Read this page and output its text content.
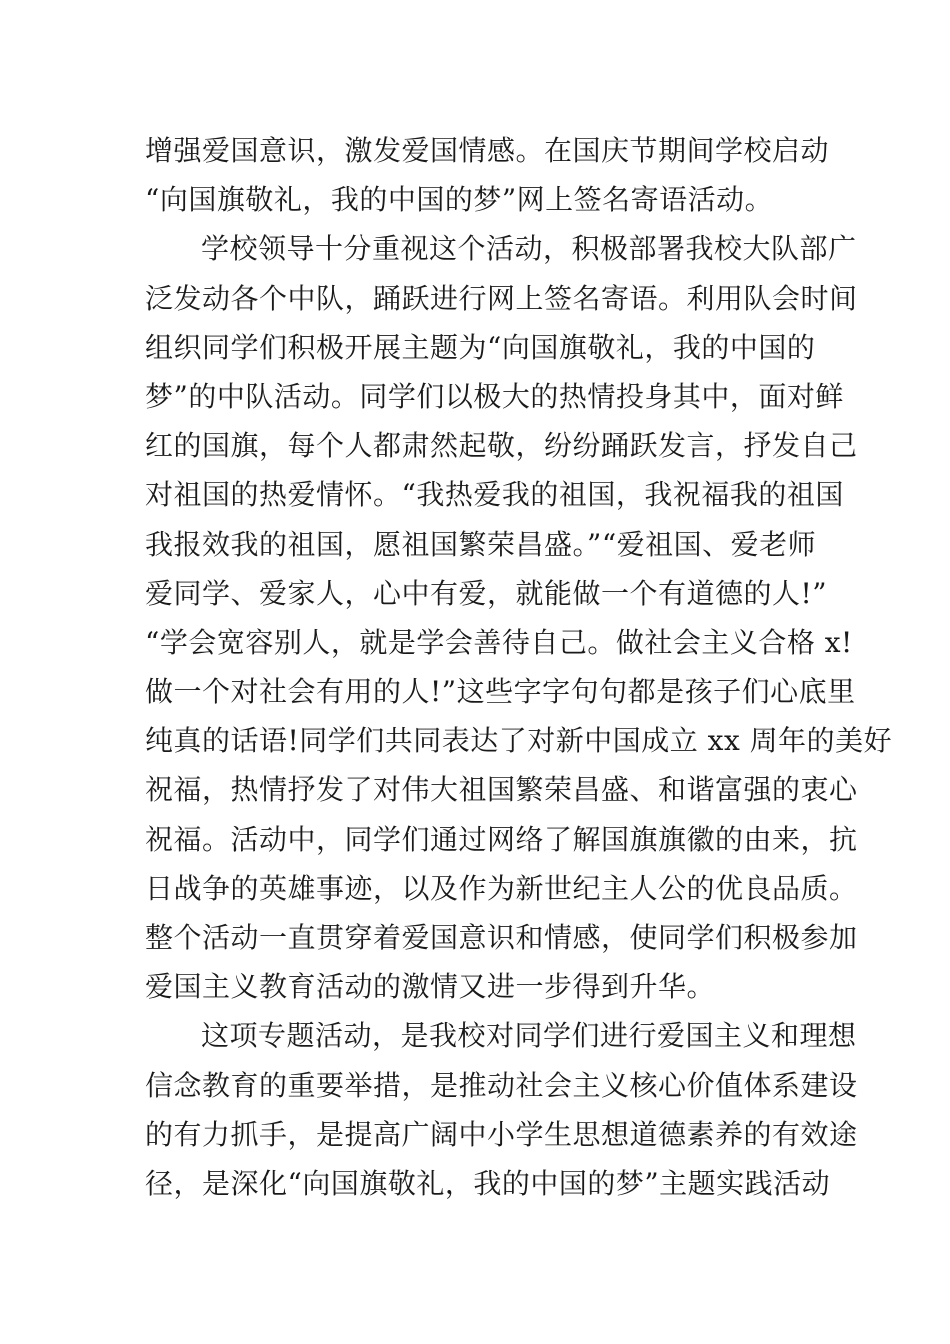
增强爱国意识，激发爱国情感。在国庆节期间学校启动
“向国旗敬礼，我的中国的梦”网上签名寄语活动。
学校领导十分重视这个活动，积极部署我校大队部广
泛发动各个中队，踊跃进行网上签名寄语。利用队会时间
组织同学们积极开展主题为“向国旗敬礼，我的中国的
梦”的中队活动。同学们以极大的热情投身其中，面对鲜
红的国旗，每个人都肃然起敬，纷纷踊跃发言，抒发自己
对祖国的热爱情怀。“我热爱我的祖国，我祝福我的祖国
我报效我的祖国，愿祖国繁荣昌盛。”“爱祖国、爱老师
爱同学、爱家人，心中有爱，就能做一个有道德的人!”
“学会宽容别人，就是学会善待自己。做社会主义合格 x!
做一个对社会有用的人!”这些字字句句都是孩子们心底里
纯真的话语!同学们共同表达了对新中国成立 xx 周年的美好
祝福，热情抒发了对伟大祖国繁荣昌盛、和谐富强的衷心
祝福。活动中，同学们通过网络了解国旗旗徽的由来，抗
日战争的英雄事迹，以及作为新世纪主人公的优良品质。
整个活动一直贯穿着爱国意识和情感，使同学们积极参加
爱国主义教育活动的激情又进一步得到升华。
这项专题活动，是我校对同学们进行爱国主义和理想
信念教育的重要举措，是推动社会主义核心价值体系建设
的有力抓手，是提高广阔中小学生思想道德素养的有效途
径，是深化“向国旗敬礼，我的中国的梦”主题实践活动
